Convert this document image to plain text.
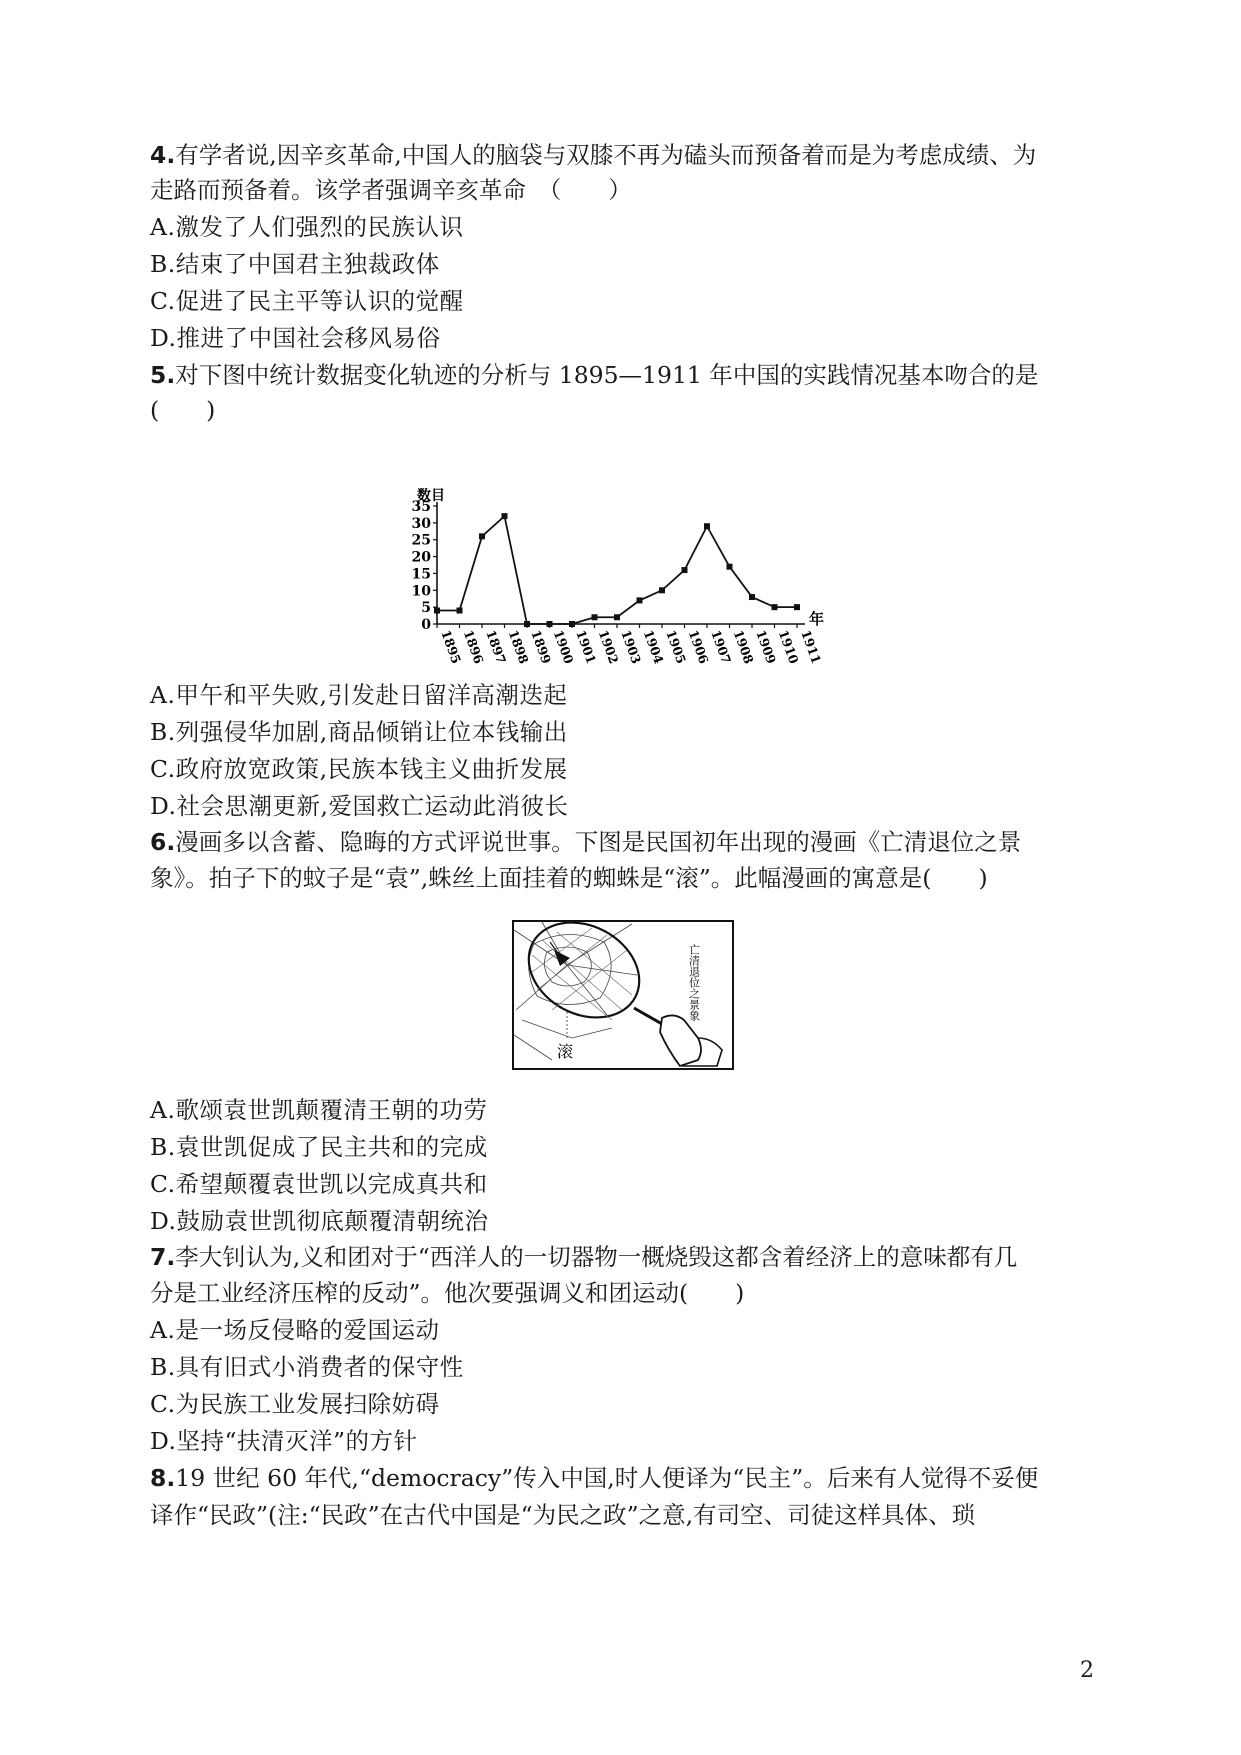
4.有学者说,因辛亥革命,中国人的脑袋与双膝不再为磕头而预备着而是为考虑成绩、为
走路而预备着。该学者强调辛亥革命　（　　）
A.激发了人们强烈的民族认识
B.结束了中国君主独裁政体
C.促进了民主平等认识的觉醒
D.推进了中国社会移风易俗
5.对下图中统计数据变化轨迹的分析与 1895—1911 年中国的实践情况基本吻合的是
(　　)
0
5
10
15
20
25
30
35
1895
1896
1897
1898
1899
1900
1901
1902
1903
1904
1905
1906
1907
1908
1909
1910
1911
数目
年
A.甲午和平失败,引发赴日留洋高潮迭起
B.列强侵华加剧,商品倾销让位本钱输出
C.政府放宽政策,民族本钱主义曲折发展
D.社会思潮更新,爱国救亡运动此消彼长
6.漫画多以含蓄、隐晦的方式评说世事。下图是民国初年出现的漫画《亡清退位之景
象》。拍子下的蚊子是“袁”,蛛丝上面挂着的蜘蛛是“滚”。此幅漫画的寓意是(　　)
滚
亡清退位之景象
A.歌颂袁世凯颠覆清王朝的功劳
B.袁世凯促成了民主共和的完成
C.希望颠覆袁世凯以完成真共和
D.鼓励袁世凯彻底颠覆清朝统治
7.李大钊认为,义和团对于“西洋人的一切器物一概烧毁这都含着经济上的意味都有几
分是工业经济压榨的反动”。他次要强调义和团运动(　　)
A.是一场反侵略的爱国运动
B.具有旧式小消费者的保守性
C.为民族工业发展扫除妨碍
D.坚持“扶清灭洋”的方针
8.19 世纪 60 年代,“democracy”传入中国,时人便译为“民主”。后来有人觉得不妥便
译作“民政”(注:“民政”在古代中国是“为民之政”之意,有司空、司徒这样具体、琐
2
